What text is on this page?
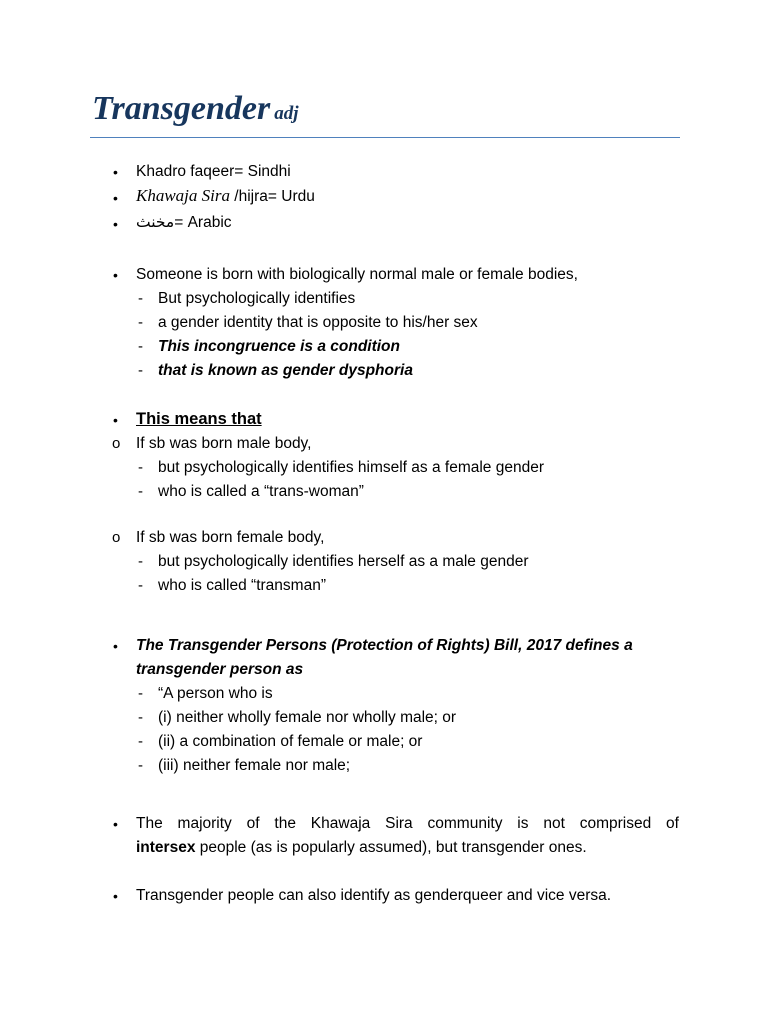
Transgender adj
•	Khadro faqeer= Sindhi
• Khawaja Sira /hijra= Urdu
•	مخنث= Arabic
•	Someone is born with biologically normal male or female bodies,
- But psychologically identifies
- a gender identity that is opposite to his/her sex
- This incongruence is a condition
- that is known as gender dysphoria
•	This means that
o If sb was born male body,
- but psychologically identifies himself as a female gender
- who is called a “trans-woman”
o If sb was born female body,
- but psychologically identifies herself as a male gender
- who is called “transman”
•	The Transgender Persons (Protection of Rights) Bill, 2017 defines a
transgender person as
- “A person who is
- (i) neither wholly female nor wholly male; or
- (ii) a combination of female or male; or
- (iii) neither female nor male;
•	The majority of the Khawaja Sira community is not comprised of
intersex people (as is popularly assumed), but transgender ones.
•	Transgender people can also identify as genderqueer and vice versa.
